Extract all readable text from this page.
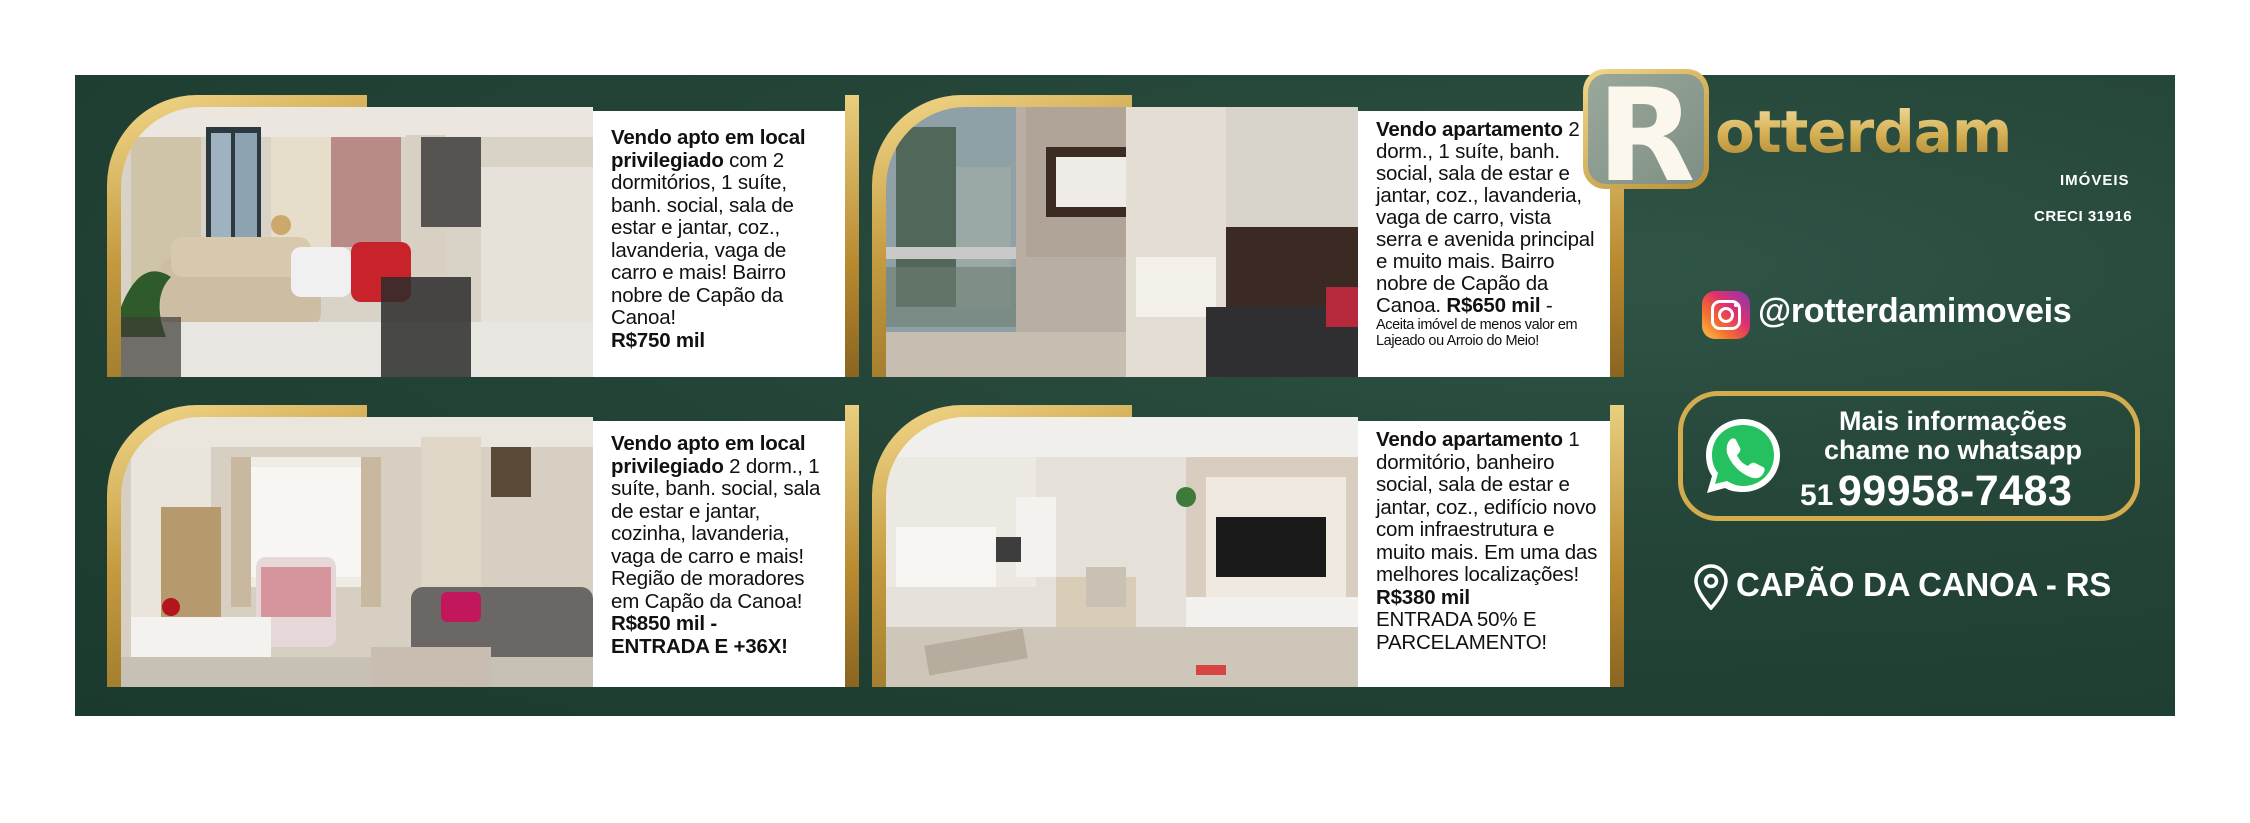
Vendo apto em local privilegiado com 2 dormitórios, 1 suíte, banh. social, sala de estar e jantar, coz., lavanderia, vaga de carro e mais! Bairro nobre de Capão da Canoa!
R$750 mil
Vendo apartamento 2 dorm., 1 suíte, banh. social, sala de estar e jantar, coz., lavanderia, vaga de carro, vista serra e avenida principal e muito mais. Bairro nobre de Capão da Canoa. R$650 mil -
Aceita imóvel de menos valor em Lajeado ou Arroio do Meio!
Vendo apto em local privilegiado 2 dorm., 1 suíte, banh. social, sala de estar e jantar, cozinha, lavanderia, vaga de carro e mais! Região de moradores em Capão da Canoa!
R$850 mil -
ENTRADA E +36X!
Vendo apartamento 1 dormitório, banheiro social, sala de estar e jantar, coz., edifício novo com infraestrutura e muito mais. Em uma das melhores localizações!
R$380 mil
ENTRADA 50% E PARCELAMENTO!
R otterdam
IMÓVEIS
CRECI 31916
@rotterdamimoveis
Mais informações
chame no whatsapp
51 99958-7483
CAPÃO DA CANOA - RS
